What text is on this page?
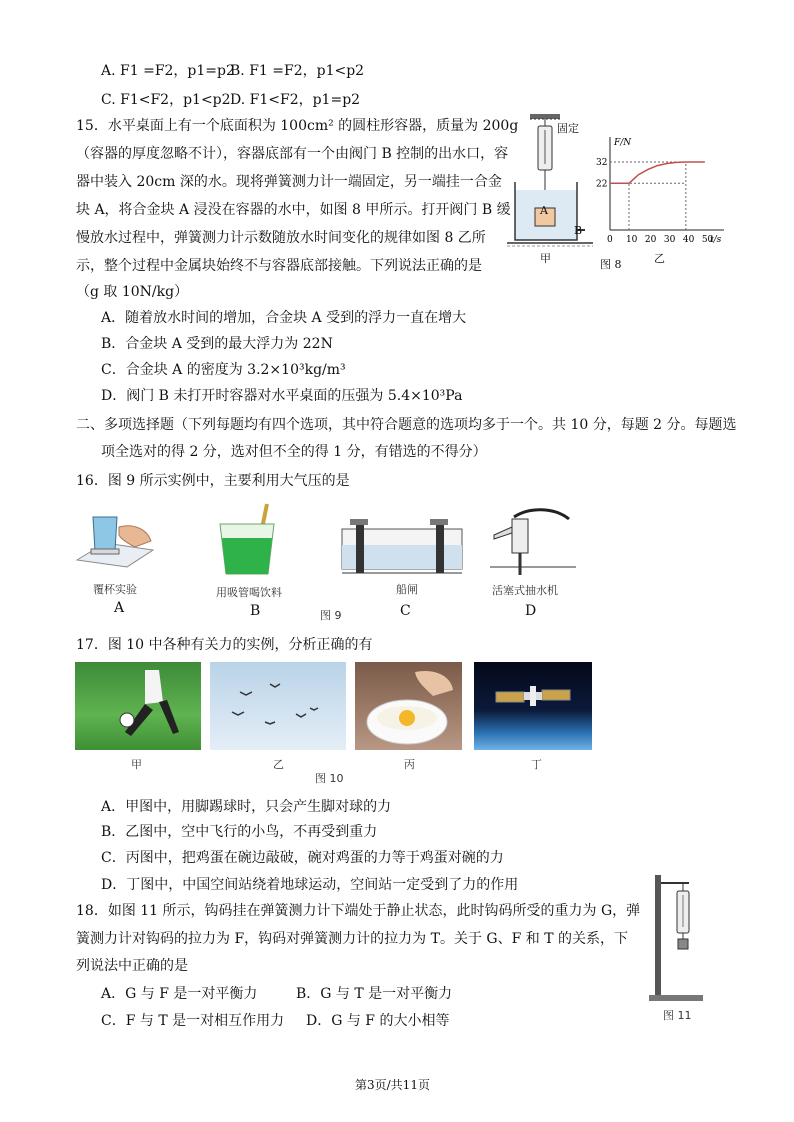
A. F1 =F2，p1=p2
B. F1 =F2，p1<p2
C. F1<F2，p1<p2 D. F1<F2，p1=p2
15．水平桌面上有一个底面积为 100cm² 的圆柱形容器，质量为 200g
（容器的厚度忽略不计），容器底部有一个由阀门 B 控制的出水口，容
器中装入 20cm 深的水。现将弹簧测力计一端固定，另一端挂一合金
块 A，将合金块 A 浸没在容器的水中，如图 8 甲所示。打开阀门 B 缓
慢放水过程中，弹簧测力计示数随放水时间变化的规律如图 8 乙所
示，整个过程中金属块始终不与容器底部接触。下列说法正确的是
（g 取 10N/kg）
A．随着放水时间的增加，合金块 A 受到的浮力一直在增大
B．合金块 A 受到的最大浮力为 22N
C．合金块 A 的密度为 3.2×10³kg/m³
D．阀门 B 未打开时容器对水平桌面的压强为 5.4×10³Pa
固定
A
B
甲
F/N
t/s
0 10 20 30 40 50
22
32
图 8	乙
二、多项选择题（下列每题均有四个选项，其中符合题意的选项均多于一个。共 10 分，每题 2 分。每题选
项全选对的得 2 分，选对但不全的得 1 分，有错选的不得分）
16．图 9 所示实例中，主要利用大气压的是
覆杯实验
A
用吸管喝饮料
B
船闸
C
图 9
活塞式抽水机
D
17．图 10 中各种有关力的实例，分析正确的有
甲	乙	丙	丁
图 10
A．甲图中，用脚踢球时，只会产生脚对球的力
B．乙图中，空中飞行的小鸟，不再受到重力
C．丙图中，把鸡蛋在碗边敲破，碗对鸡蛋的力等于鸡蛋对碗的力
D．丁图中，中国空间站绕着地球运动，空间站一定受到了力的作用
18．如图 11 所示，钩码挂在弹簧测力计下端处于静止状态，此时钩码所受的重力为 G，弹
簧测力计对钩码的拉力为 F，钩码对弹簧测力计的拉力为 T。关于 G、F 和 T 的关系，下
列说法中正确的是
A．G 与 F 是一对平衡力	B．G 与 T 是一对平衡力
C．F 与 T 是一对相互作用力 D．G 与 F 的大小相等	图 11
第3页/共11页
